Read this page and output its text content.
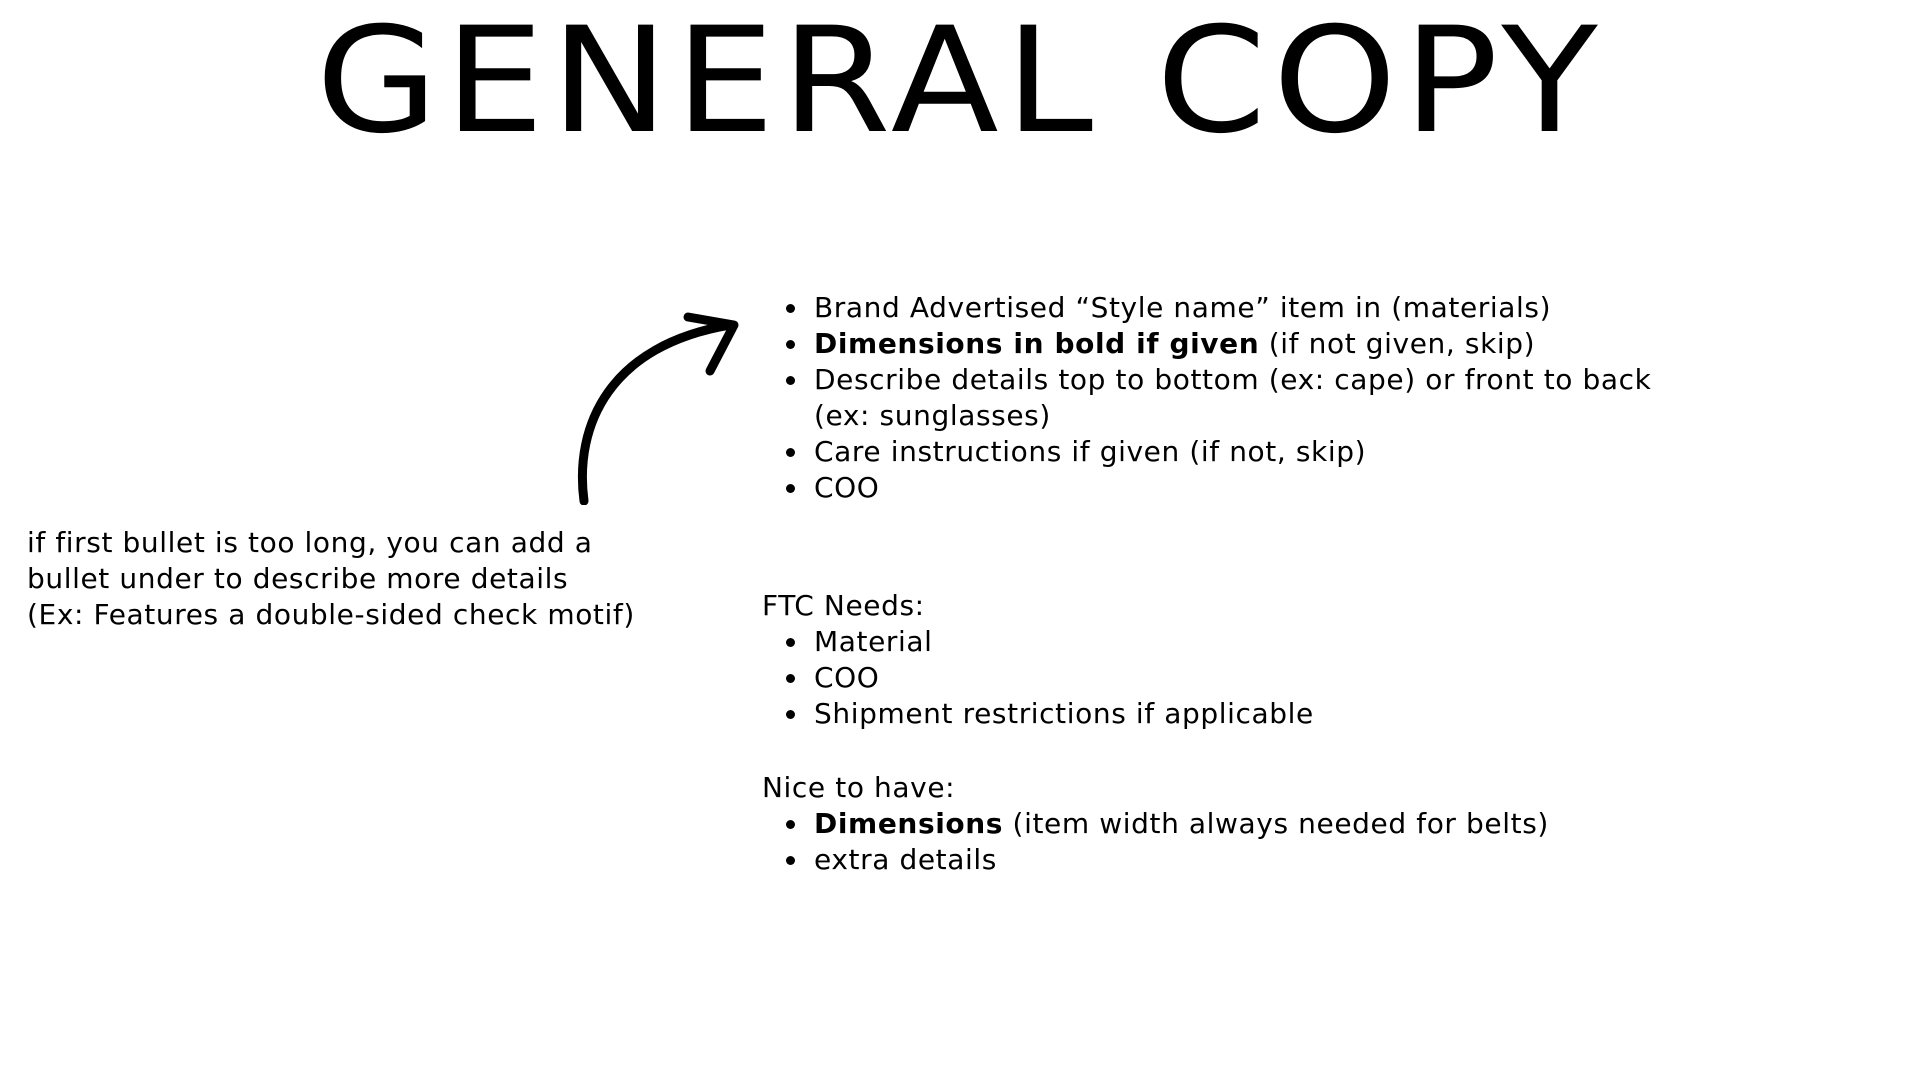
GENERAL COPY
• Brand Advertised “Style name” item in (materials)
• Dimensions in bold if given (if not given, skip)
• Describe details top to bottom (ex: cape) or front to back (ex: sunglasses)
• Care instructions if given (if not, skip)
• COO
if first bullet is too long, you can add a
bullet under to describe more details
(Ex: Features a double-sided check motif)	FTC Needs:

• Material
• COO
• Shipment restrictions if applicable

Nice to have:

• Dimensions (item width always needed for belts)
• extra details
